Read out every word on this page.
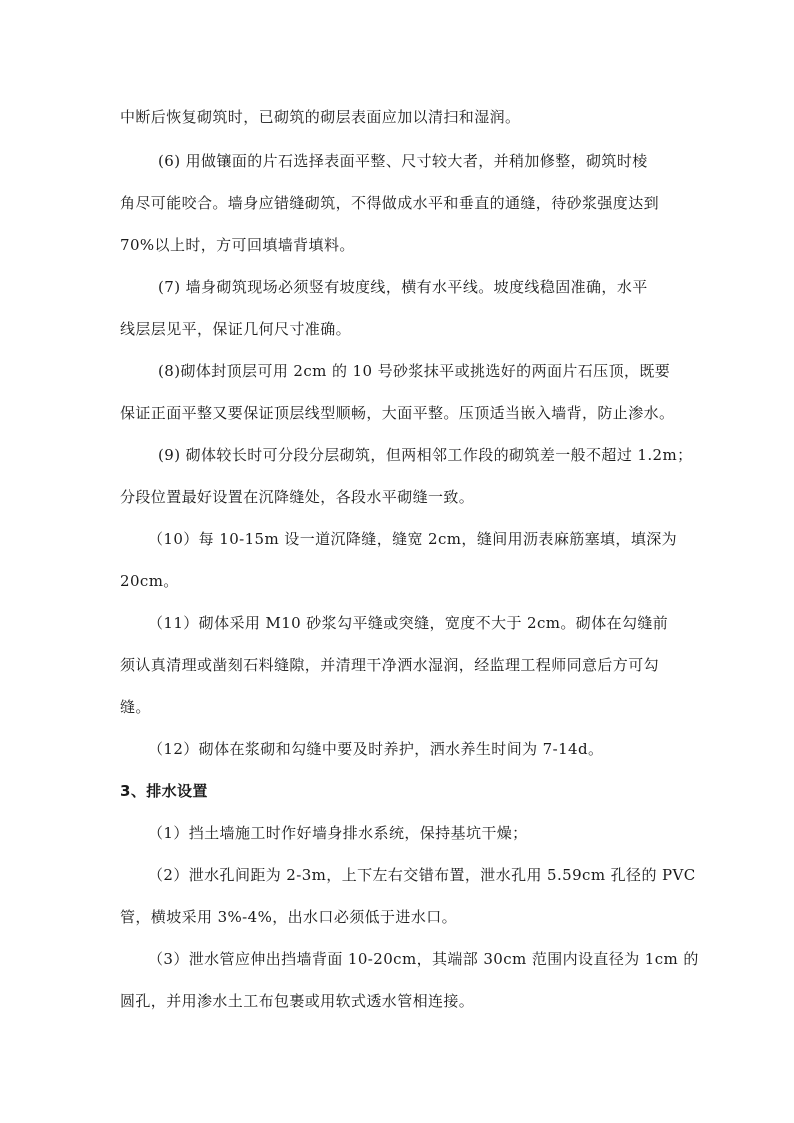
中断后恢复砌筑时，已砌筑的砌层表面应加以清扫和湿润。
(6) 用做镶面的片石选择表面平整、尺寸较大者，并稍加修整，砌筑时棱
角尽可能咬合。墙身应错缝砌筑，不得做成水平和垂直的通缝，待砂浆强度达到
70%以上时，方可回填墙背填料。
(7) 墙身砌筑现场必须竖有坡度线，横有水平线。坡度线稳固准确，水平
线层层见平，保证几何尺寸准确。
(8)砌体封顶层可用 2cm 的 10 号砂浆抹平或挑选好的两面片石压顶，既要
保证正面平整又要保证顶层线型顺畅，大面平整。压顶适当嵌入墙背，防止渗水。
(9) 砌体较长时可分段分层砌筑，但两相邻工作段的砌筑差一般不超过 1.2m；
分段位置最好设置在沉降缝处，各段水平砌缝一致。
（10）每 10-15m 设一道沉降缝，缝宽 2cm，缝间用沥表麻筋塞填，填深为
20cm。
（11）砌体采用 M10 砂浆勾平缝或突缝，宽度不大于 2cm。砌体在勾缝前
须认真清理或凿刻石料缝隙，并清理干净洒水湿润，经监理工程师同意后方可勾
缝。
（12）砌体在浆砌和勾缝中要及时养护，洒水养生时间为 7-14d。
3、排水设置
（1）挡土墙施工时作好墙身排水系统，保持基坑干燥；
（2）泄水孔间距为 2-3m，上下左右交错布置，泄水孔用 5.59cm 孔径的 PVC
管，横坡采用 3%-4%，出水口必须低于进水口。
（3）泄水管应伸出挡墙背面 10-20cm，其端部 30cm 范围内设直径为 1cm 的
圆孔，并用渗水土工布包裹或用软式透水管相连接。
